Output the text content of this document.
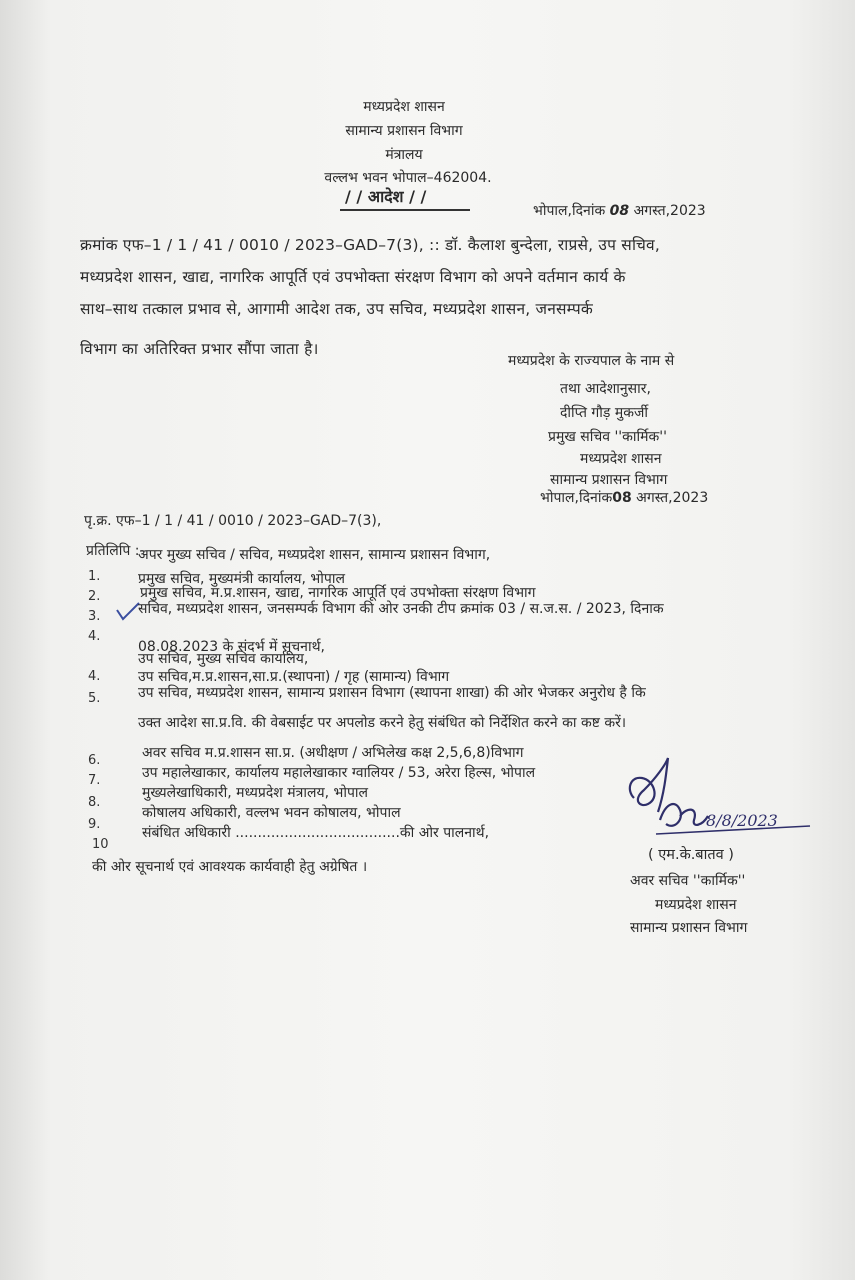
मध्यप्रदेश शासन
सामान्य प्रशासन विभाग
मंत्रालय
वल्लभ भवन भोपाल–462004.
/ / आदेश / /
भोपाल,दिनांक 08 अगस्त,2023
क्रमांक एफ–1 / 1 / 41 / 0010 / 2023–GAD–7(3), :: डॉ. कैलाश बुन्देला, राप्रसे, उप सचिव,
मध्यप्रदेश शासन, खाद्य, नागरिक आपूर्ति एवं उपभोक्ता संरक्षण विभाग को अपने वर्तमान कार्य के
साथ–साथ तत्काल प्रभाव से, आगामी आदेश तक, उप सचिव, मध्यप्रदेश शासन, जनसम्पर्क
विभाग का अतिरिक्त प्रभार सौंपा जाता है।
मध्यप्रदेश के राज्यपाल के नाम से
तथा आदेशानुसार,
दीप्ति गौड़ मुकर्जी
प्रमुख सचिव ''कार्मिक''
मध्यप्रदेश शासन
सामान्य प्रशासन विभाग
भोपाल,दिनांक08 अगस्त,2023
पृ.क्र. एफ–1 / 1 / 41 / 0010 / 2023–GAD–7(3),
प्रतिलिपि :–
1.
अपर मुख्य सचिव / सचिव, मध्यप्रदेश शासन, सामान्य प्रशासन विभाग,
2.
प्रमुख सचिव, मुख्यमंत्री कार्यालय, भोपाल
3.
प्रमुख सचिव, म.प्र.शासन, खाद्य, नागरिक आपूर्ति एवं उपभोक्ता संरक्षण विभाग
4.
सचिव, मध्यप्रदेश शासन, जनसम्पर्क विभाग की ओर उनकी टीप क्रमांक 03 / स.ज.स. / 2023, दिनाक
08.08.2023 के संदर्भ में सूचनार्थ,
4.
उप सचिव, मुख्य सचिव कार्यालय,
5.
उप सचिव,म.प्र.शासन,सा.प्र.(स्थापना) / गृह (सामान्य) विभाग
उप सचिव, मध्यप्रदेश शासन, सामान्य प्रशासन विभाग (स्थापना शाखा) की ओर भेजकर अनुरोध है कि
उक्त आदेश सा.प्र.वि. की वेबसाईट पर अपलोड करने हेतु संबंधित को निर्देशित करने का कष्ट करें।
6.	अवर सचिव म.प्र.शासन सा.प्र. (अधीक्षण / अभिलेख कक्ष 2,5,6,8)विभाग
7.	उप महालेखाकार, कार्यालय महालेखाकार ग्वालियर / 53, अरेरा हिल्स, भोपाल
8.
मुख्यलेखाधिकारी, मध्यप्रदेश मंत्रालय, भोपाल
9.
कोषालय अधिकारी, वल्लभ भवन कोषालय, भोपाल
10
संबंधित अधिकारी .....................................की ओर पालनार्थ,
की ओर सूचनार्थ एवं आवश्यक कार्यवाही हेतु अग्रेषित ।
8/8/2023
( एम.के.बातव )
अवर सचिव ''कार्मिक''
मध्यप्रदेश शासन
सामान्य प्रशासन विभाग
